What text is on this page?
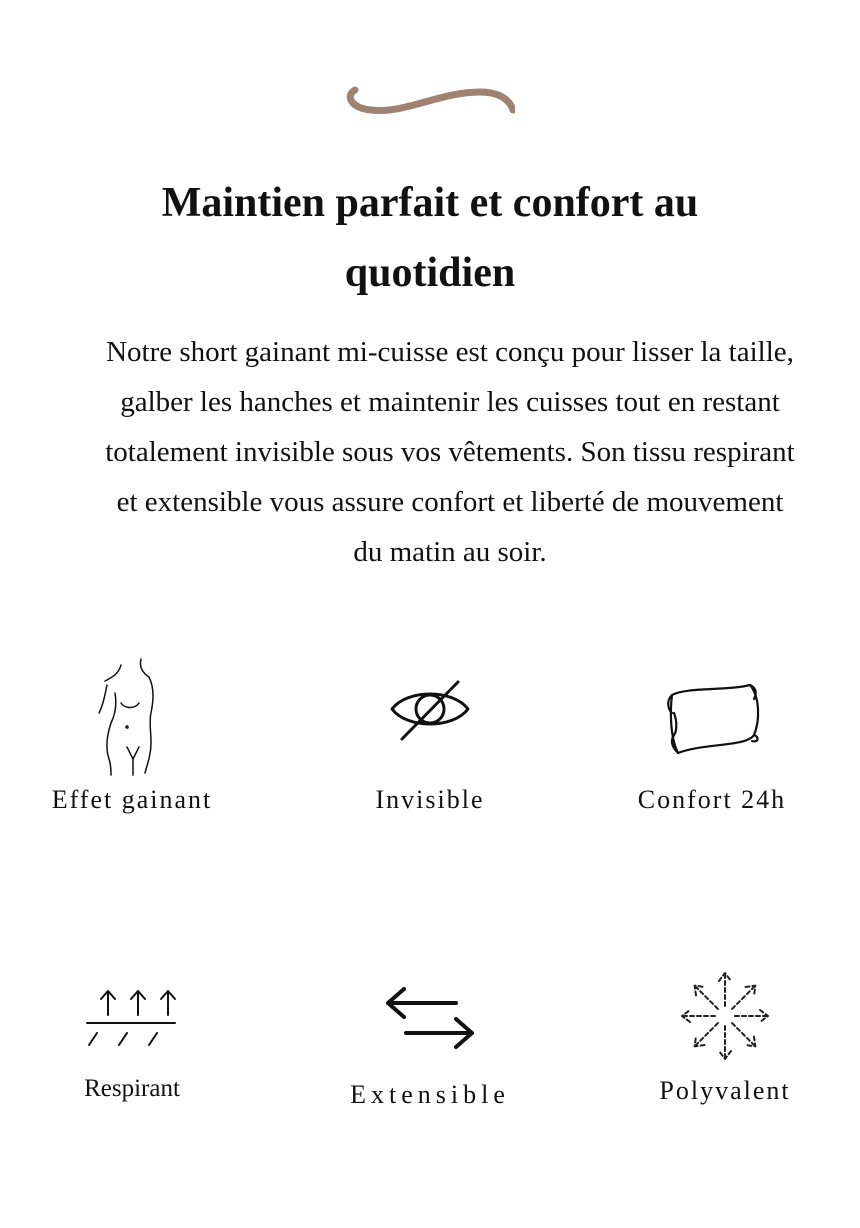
Maintien parfait et confort au quotidien

Notre short gainant mi-cuisse est conçu pour lisser la taille, galber les hanches et maintenir les cuisses tout en restant totalement invisible sous vos vêtements. Son tissu respirant et extensible vous assure confort et liberté de mouvement du matin au soir.

Effet gainant	Invisible	Confort 24h
Respirant	Extensible	Polyvalent
